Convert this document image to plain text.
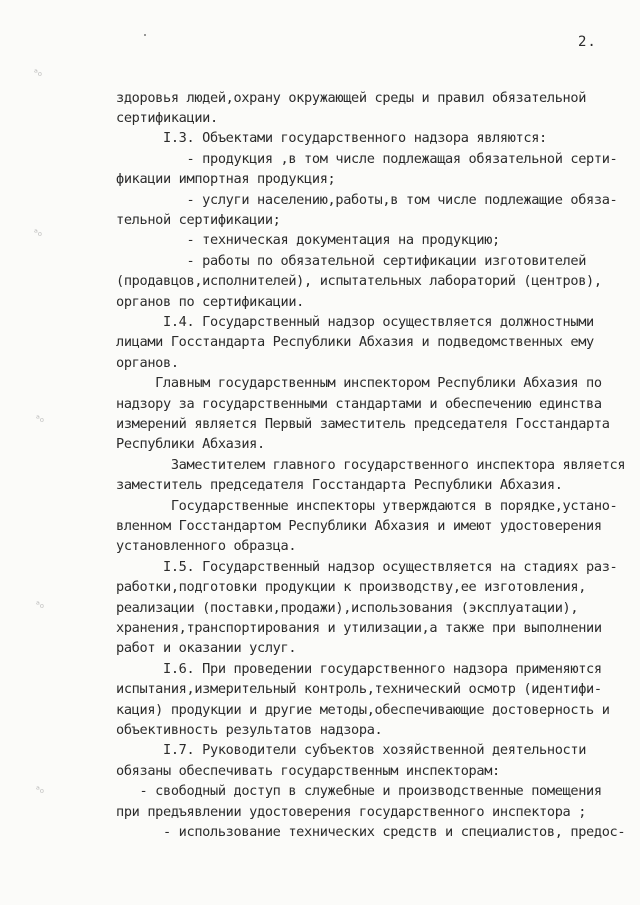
2.
здоровья людей,охрану окружающей среды и правил обязательной
сертификации.
I.3. Объектами государственного надзора являются:
- продукция ,в том числе подлежащая обязательной серти-
фикации импортная продукция;
- услуги населению,работы,в том числе подлежащие обяза-
тельной сертификации;
- техническая документация на продукцию;
- работы по обязательной сертификации изготовителей
(продавцов,исполнителей), испытательных лабораторий (центров),
органов по сертификации.
I.4. Государственный надзор осуществляется должностными
лицами Госстандарта Республики Абхазия и подведомственных ему
органов.
Главным государственным инспектором Республики Абхазия по
надзору за государственными стандартами и обеспечению единства
измерений является Первый заместитель председателя Госстандарта
Республики Абхазия.
Заместителем главного государственного инспектора является
заместитель председателя Госстандарта Республики Абхазия.
Государственные инспекторы утверждаются в порядке,устано-
вленном Госстандартом Республики Абхазия и имеют удостоверения
установленного образца.
I.5. Государственный надзор осуществляется на стадиях раз-
работки,подготовки продукции к производству,ее изготовления,
реализации (поставки,продажи),использования (эксплуатации),
хранения,транспортирования и утилизации,а также при выполнении
работ и оказании услуг.
I.6. При проведении государственного надзора применяются
испытания,измерительный контроль,технический осмотр (идентифи-
кация) продукции и другие методы,обеспечивающие достоверность и
объективность результатов надзора.
I.7. Руководители субъектов хозяйственной деятельности
обязаны обеспечивать государственным инспекторам:
- свободный доступ в служебные и производственные помещения
при предъявлении удостоверения государственного инспектора ;
- использование технических средств и специалистов, предос-
ᵃ₀
ᵃ₀
ᵃ₀
ᵃ₀
ᵃ₀
